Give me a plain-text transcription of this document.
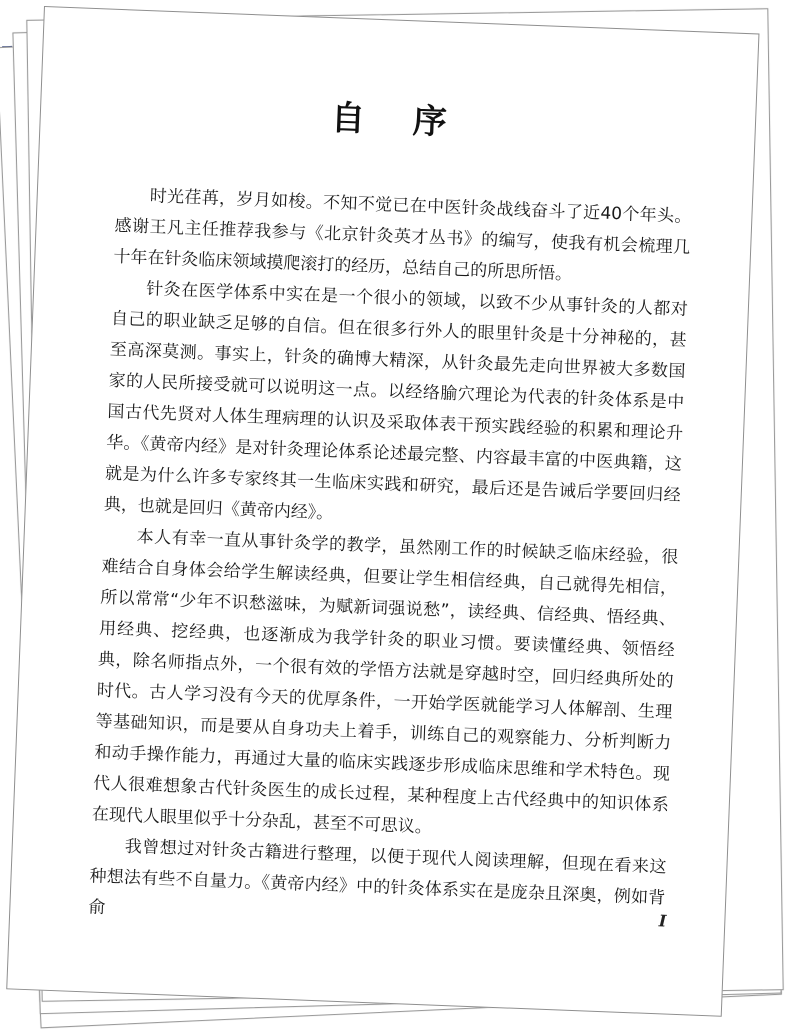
自 序

时光荏苒，岁月如梭。不知不觉已在中医针灸战线奋斗了近40个年头。感谢王凡主任推荐我参与《北京针灸英才丛书》的编写，使我有机会梳理几十年在针灸临床领域摸爬滚打的经历，总结自己的所思所悟。

针灸在医学体系中实在是一个很小的领域，以致不少从事针灸的人都对自己的职业缺乏足够的自信。但在很多行外人的眼里针灸是十分神秘的，甚至高深莫测。事实上，针灸的确博大精深，从针灸最先走向世界被大多数国家的人民所接受就可以说明这一点。以经络腧穴理论为代表的针灸体系是中国古代先贤对人体生理病理的认识及采取体表干预实践经验的积累和理论升华。《黄帝内经》是对针灸理论体系论述最完整、内容最丰富的中医典籍，这就是为什么许多专家终其一生临床实践和研究，最后还是告诫后学要回归经典，也就是回归《黄帝内经》。

本人有幸一直从事针灸学的教学，虽然刚工作的时候缺乏临床经验，很难结合自身体会给学生解读经典，但要让学生相信经典，自己就得先相信，所以常常“少年不识愁滋味，为赋新词强说愁”，读经典、信经典、悟经典、用经典、挖经典，也逐渐成为我学针灸的职业习惯。要读懂经典、领悟经典，除名师指点外，一个很有效的学悟方法就是穿越时空，回归经典所处的时代。古人学习没有今天的优厚条件，一开始学医就能学习人体解剖、生理等基础知识，而是要从自身功夫上着手，训练自己的观察能力、分析判断力和动手操作能力，再通过大量的临床实践逐步形成临床思维和学术特色。现代人很难想象古代针灸医生的成长过程，某种程度上古代经典中的知识体系在现代人眼里似乎十分杂乱，甚至不可思议。

我曾想过对针灸古籍进行整理，以便于现代人阅读理解，但现在看来这种想法有些不自量力。《黄帝内经》中的针灸体系实在是庞杂且深奥，例如背俞

I
